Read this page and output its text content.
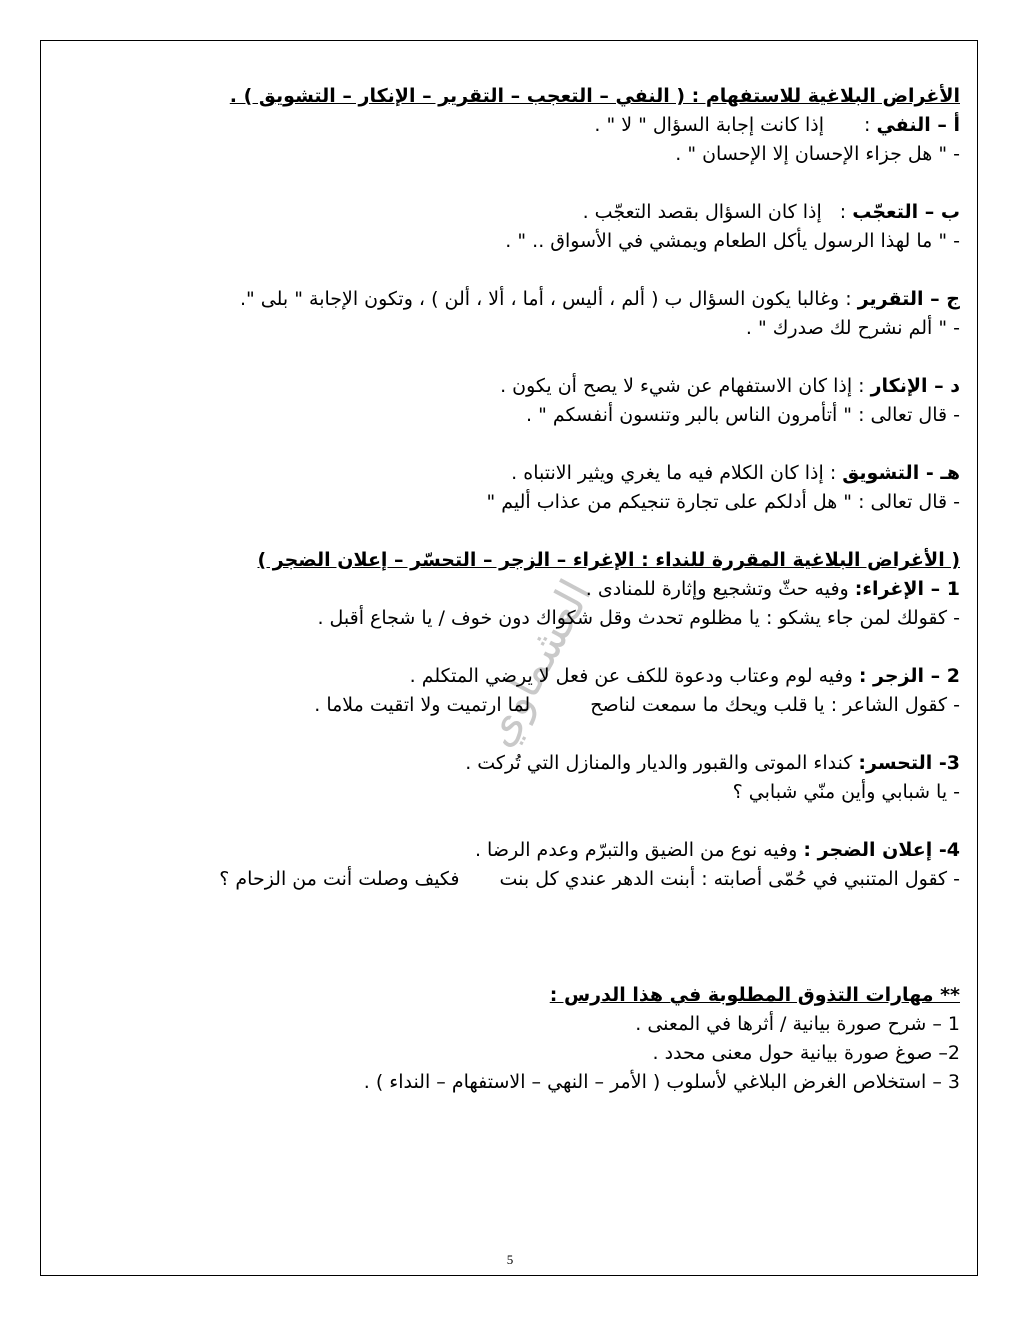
العشماوي
الأغراض البلاغية للاستفهام : ( النفي – التعجب – التقرير – الإنكار – التشويق ) .
أ – النفي :إذا كانت إجابة السؤال " لا " .
- " هل جزاء الإحسان إلا الإحسان " .
ب – التعجّب :إذا كان السؤال بقصد التعجّب .
- " ما لهذا الرسول يأكل الطعام ويمشي في الأسواق .. " .
ج – التقرير : وغالبا يكون السؤال ب ( ألم ، أليس ، أما ، ألا ، ألن ) ، وتكون الإجابة " بلى ".
- " ألم نشرح لك صدرك " .
د – الإنكار : إذا كان الاستفهام عن شيء لا يصح أن يكون .
- قال تعالى : " أتأمرون الناس بالبر وتنسون أنفسكم " .
هـ - التشويق : إذا كان الكلام فيه ما يغري ويثير الانتباه .
- قال تعالى : " هل أدلكم على تجارة تنجيكم من عذاب أليم "
( الأغراض البلاغية المقررة للنداء : الإغراء – الزجر – التحسّر – إعلان الضجر )
1 – الإغراء: وفيه حثّ وتشجيع وإثارة للمنادى .
- كقولك لمن جاء يشكو : يا مظلوم تحدث وقل شكواك دون خوف / يا شجاع أقبل .
2 – الزجر : وفيه لوم وعتاب ودعوة للكف عن فعل لا يرضي المتكلم .
- كقول الشاعر : يا قلب ويحك ما سمعت لناصحلما ارتميت ولا اتقيت ملاما .
3- التحسر: كنداء الموتى والقبور والديار والمنازل التي تُركت .
- يا شبابي وأين منّي شبابي ؟
4- إعلان الضجر : وفيه نوع من الضيق والتبرّم وعدم الرضا .
- كقول المتنبي في حُمّى أصابته : أبنت الدهر عندي كل بنتفكيف وصلت أنت من الزحام ؟
** مهارات التذوق المطلوبة في هذا الدرس :
1 – شرح صورة بيانية / أثرها في المعنى .
2– صوغ صورة بيانية حول معنى محدد .
3 – استخلاص الغرض البلاغي لأسلوب ( الأمر – النهي – الاستفهام – النداء ) .
5
